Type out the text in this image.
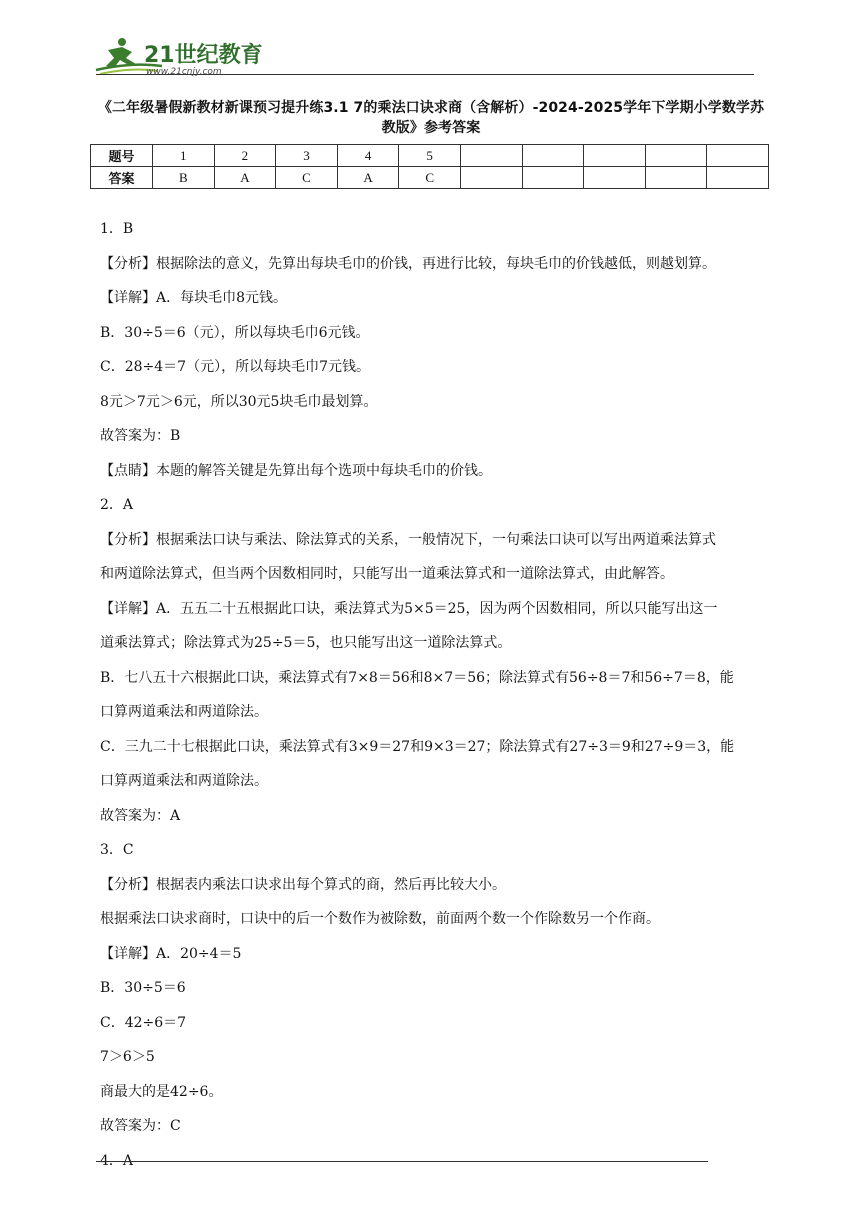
21世纪教育
www.21cnjy.com
《二年级暑假新教材新课预习提升练3.1 7的乘法口诀求商（含解析）-2024-2025学年下学期小学数学苏教版》参考答案
题号	1	2	3	4	5					
答案	B	A	C	A	C					
1．B
【分析】根据除法的意义，先算出每块毛巾的价钱，再进行比较，每块毛巾的价钱越低，则越划算。
【详解】A．每块毛巾8元钱。
B．30÷5＝6（元），所以每块毛巾6元钱。
C．28÷4＝7（元），所以每块毛巾7元钱。
8元＞7元＞6元，所以30元5块毛巾最划算。
故答案为：B
【点睛】本题的解答关键是先算出每个选项中每块毛巾的价钱。
2．A
【分析】根据乘法口诀与乘法、除法算式的关系，一般情况下，一句乘法口诀可以写出两道乘法算式
和两道除法算式，但当两个因数相同时，只能写出一道乘法算式和一道除法算式，由此解答。
【详解】A．五五二十五根据此口诀，乘法算式为5×5＝25，因为两个因数相同，所以只能写出这一
道乘法算式；除法算式为25÷5＝5，也只能写出这一道除法算式。
B．七八五十六根据此口诀，乘法算式有7×8＝56和8×7＝56；除法算式有56÷8＝7和56÷7＝8，能
口算两道乘法和两道除法。
C．三九二十七根据此口诀，乘法算式有3×9＝27和9×3＝27；除法算式有27÷3＝9和27÷9＝3，能
口算两道乘法和两道除法。
故答案为：A
3．C
【分析】根据表内乘法口诀求出每个算式的商，然后再比较大小。
根据乘法口诀求商时，口诀中的后一个数作为被除数，前面两个数一个作除数另一个作商。
【详解】A．20÷4＝5
B．30÷5＝6
C．42÷6＝7
7＞6＞5
商最大的是42÷6。
故答案为：C
4．A
